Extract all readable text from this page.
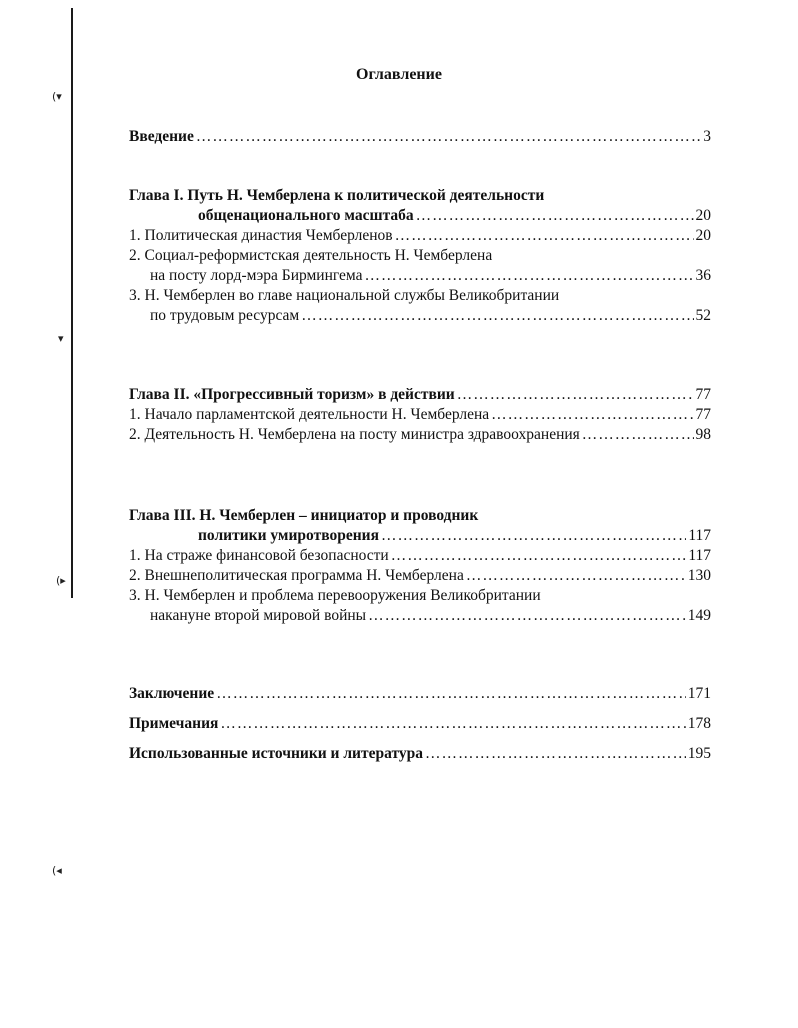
(▾
▾
(▸
(◂
Оглавление
Введение ……………………………………………………………………………………………………………………	3
Глава I. Путь Н. Чемберлена к политической деятельности
общенационального масштаба ……………………………………………………………………………………………………………………	20
1. Политическая династия Чемберленов ……………………………………………………………………………………………………………………	20
2. Социал-реформистская деятельность Н. Чемберлена
на посту лорд-мэра Бирмингема ……………………………………………………………………………………………………………………	36
3. Н. Чемберлен во главе национальной службы Великобритании
по трудовым ресурсам ……………………………………………………………………………………………………………………	52
Глава II. «Прогрессивный торизм» в действии ……………………………………………………………………………………………………………………	77
1. Начало парламентской деятельности Н. Чемберлена ……………………………………………………………………………………………………………………	77
2. Деятельность Н. Чемберлена на посту министра здравоохранения ……………………………………………………………………………………………………………………	98
Глава III. Н. Чемберлен – инициатор и проводник
политики умиротворения ……………………………………………………………………………………………………………………	117
1. На страже финансовой безопасности ……………………………………………………………………………………………………………………	117
2. Внешнеполитическая программа Н. Чемберлена ……………………………………………………………………………………………………………………	130
3. Н. Чемберлен и проблема перевооружения Великобритании
накануне второй мировой войны ……………………………………………………………………………………………………………………	149
Заключение ……………………………………………………………………………………………………………………	171
Примечания ……………………………………………………………………………………………………………………	178
Использованные источники и литература ……………………………………………………………………………………………………………………	195
